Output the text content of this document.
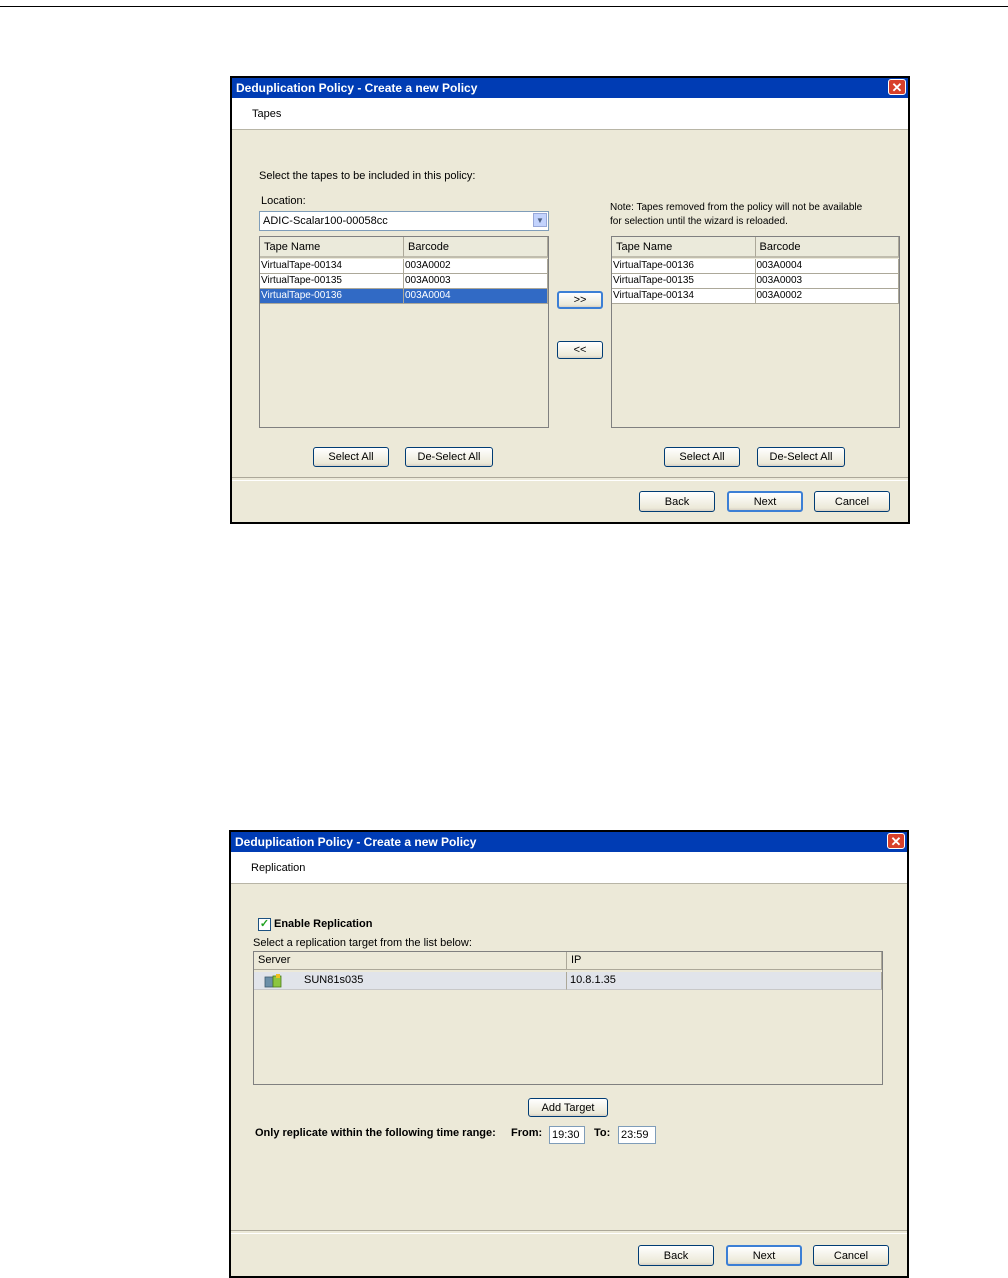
Deduplication Policy - Create a new Policy	✕
Tapes
Select the tapes to be included in this policy:
Location:
ADIC-Scalar100-00058cc	▼
Note: Tapes removed from the policy will not be available
for selection until the wizard is reloaded.
Tape Name	Barcode
VirtualTape-00134	003A0002
VirtualTape-00135	003A0003
VirtualTape-00136	003A0004	>>
<<
Tape Name	Barcode
VirtualTape-00136	003A0004
VirtualTape-00135	003A0003
VirtualTape-00134	003A0002
Select All	De-Select All	Select All	De-Select All
Back	Next	Cancel
Deduplication Policy - Create a new Policy	✕
Replication
✓ Enable Replication
Select a replication target from the list below:
Server	IP
SUN81s035	10.8.1.35
Add Target
Only replicate within the following time range: From: 19:30	To: 23:59
Back	Next	Cancel
